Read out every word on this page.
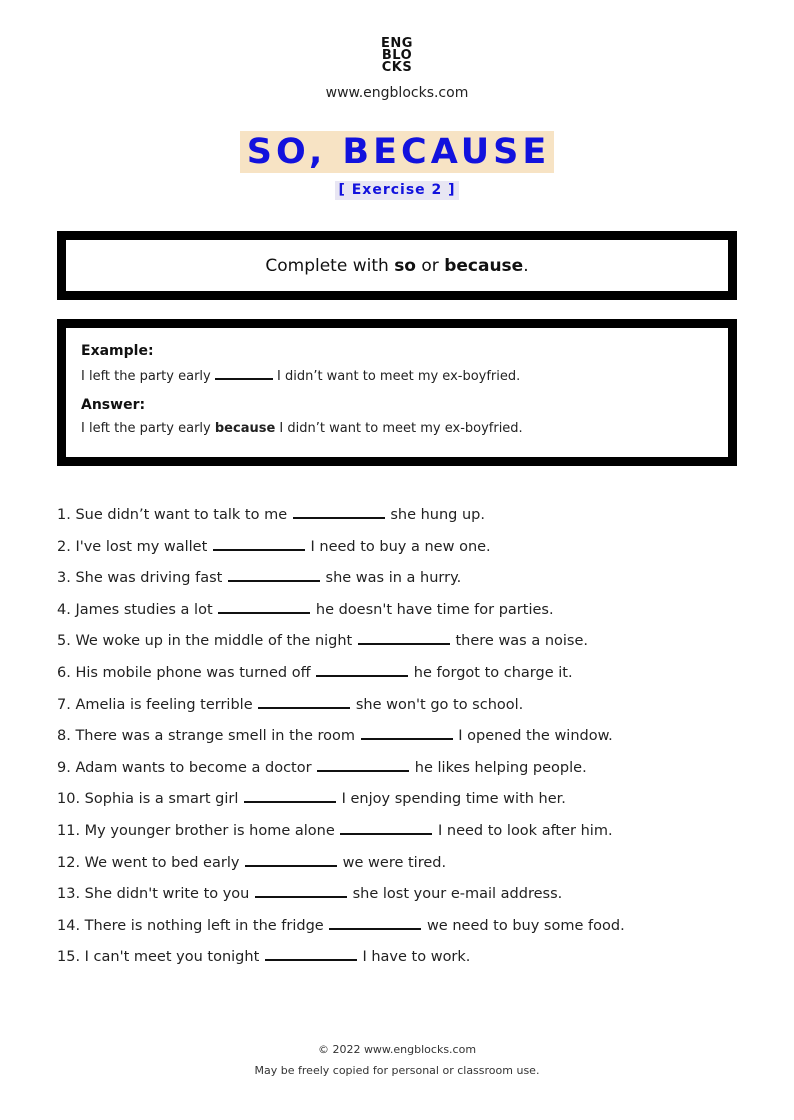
ENG
BLO
CKS
www.engblocks.com
SO, BECAUSE
[ Exercise 2 ]
Complete with so or because.
Example:
I left the party early	I didn’t want to meet my ex-boyfried.
Answer:
I left the party early because I didn’t want to meet my ex-boyfried.
1. Sue didn’t want to talk to me	she hung up.
2. I've lost my wallet	I need to buy a new one.
3. She was driving fast	she was in a hurry.
4. James studies a lot	he doesn't have time for parties.
5. We woke up in the middle of the night	there was a noise.
6. His mobile phone was turned off	he forgot to charge it.
7. Amelia is feeling terrible	she won't go to school.
8. There was a strange smell in the room	I opened the window.
9. Adam wants to become a doctor	he likes helping people.
10. Sophia is a smart girl	I enjoy spending time with her.
11. My younger brother is home alone	I need to look after him.
12. We went to bed early	we were tired.
13. She didn't write to you	she lost your e-mail address.
14. There is nothing left in the fridge	we need to buy some food.
15. I can't meet you tonight	I have to work.
© 2022 www.engblocks.com
May be freely copied for personal or classroom use.
